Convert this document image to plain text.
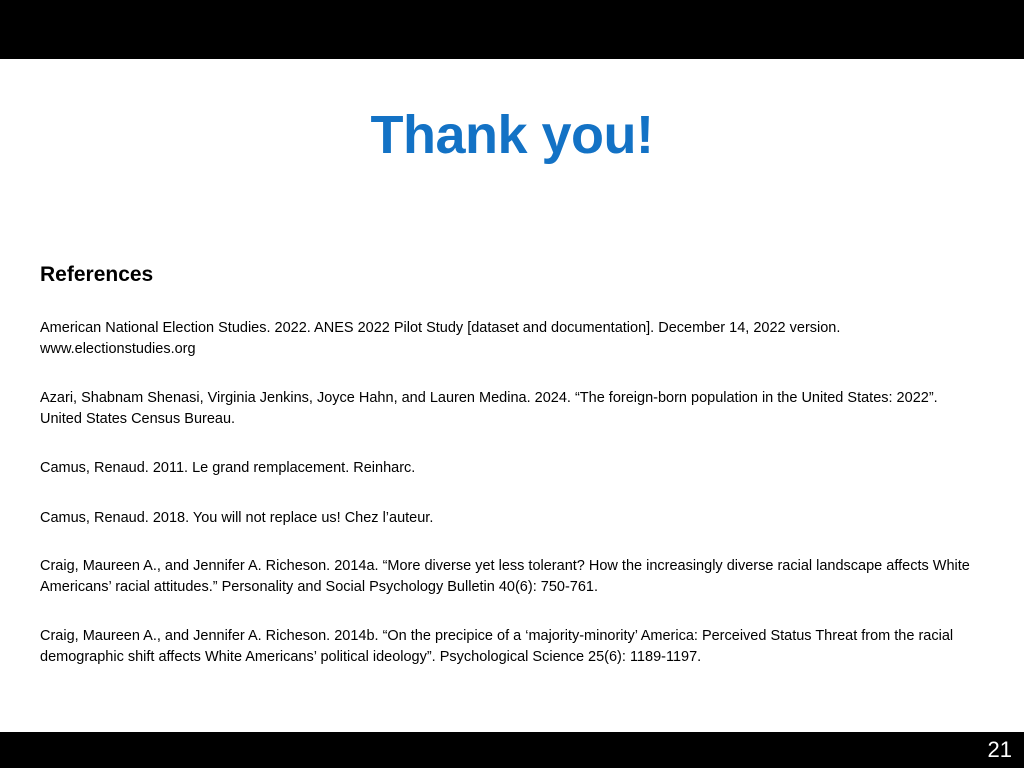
Thank you!
References
American National Election Studies. 2022. ANES 2022 Pilot Study [dataset and documentation]. December 14, 2022 version. www.electionstudies.org
Azari, Shabnam Shenasi, Virginia Jenkins, Joyce Hahn, and Lauren Medina. 2024. “The foreign-born population in the United States: 2022”. United States Census Bureau.
Camus, Renaud. 2011. Le grand remplacement. Reinharc.
Camus, Renaud. 2018. You will not replace us! Chez l’auteur.
Craig, Maureen A., and Jennifer A. Richeson. 2014a. “More diverse yet less tolerant? How the increasingly diverse racial landscape affects White Americans’ racial attitudes.” Personality and Social Psychology Bulletin 40(6): 750-761.
Craig, Maureen A., and Jennifer A. Richeson. 2014b. “On the precipice of a ‘majority-minority’ America: Perceived Status Threat from the racial demographic shift affects White Americans’ political ideology”. Psychological Science 25(6): 1189-1197.
21
